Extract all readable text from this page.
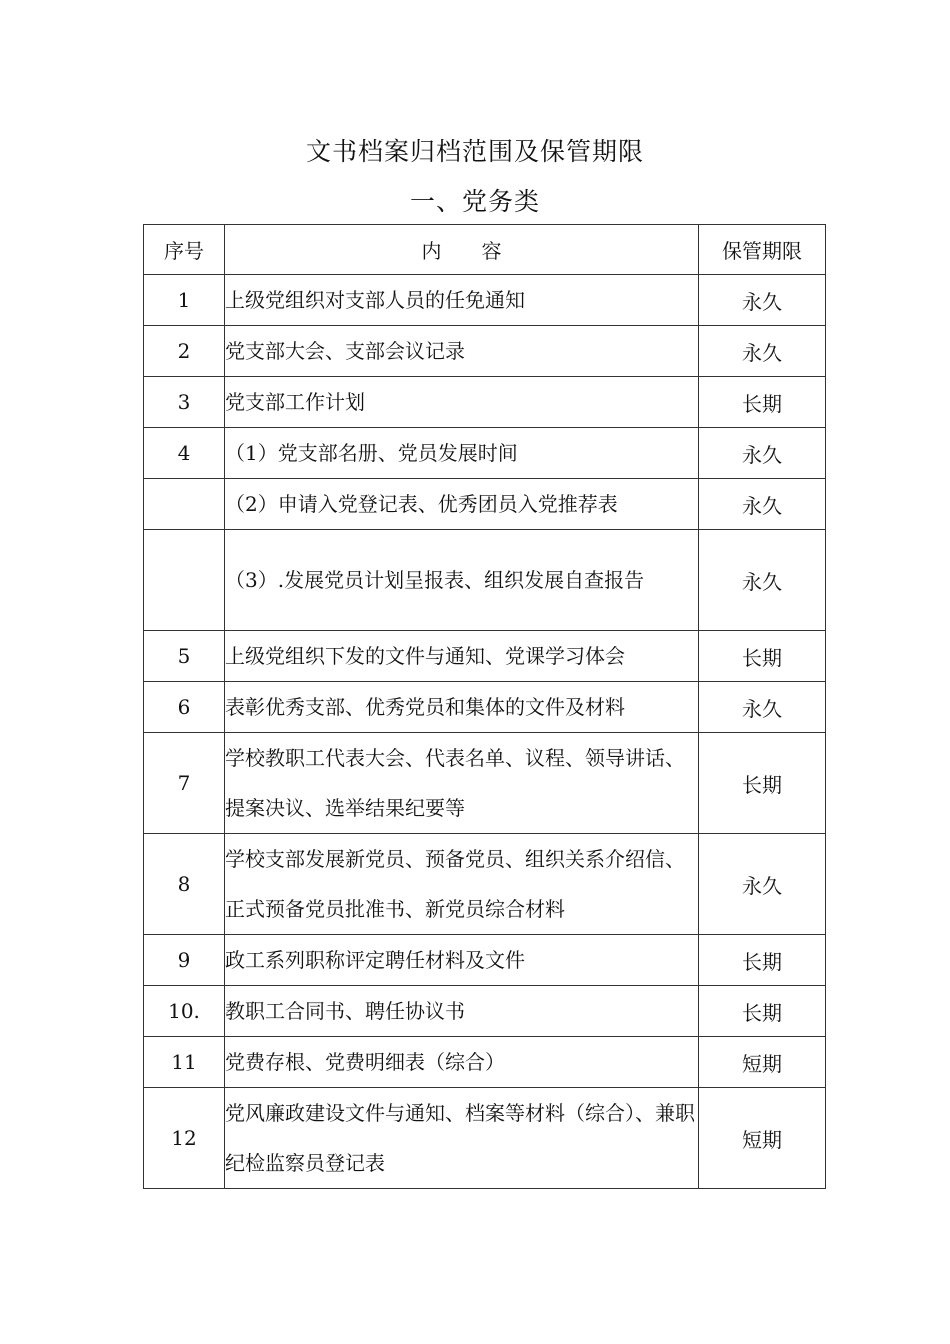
文书档案归档范围及保管期限
一、党务类
序号	内　　容	保管期限
1	上级党组织对支部人员的任免通知	永久
2	党支部大会、支部会议记录	永久
3	党支部工作计划	长期
4	（1）党支部名册、党员发展时间	永久
	（2）申请入党登记表、优秀团员入党推荐表	永久
	（3）.发展党员计划呈报表、组织发展自查报告	永久
5	上级党组织下发的文件与通知、党课学习体会	长期
6	表彰优秀支部、优秀党员和集体的文件及材料	永久
7	学校教职工代表大会、代表名单、议程、领导讲话、提案决议、选举结果纪要等	长期
8	学校支部发展新党员、预备党员、组织关系介绍信、正式预备党员批准书、新党员综合材料	永久
9	政工系列职称评定聘任材料及文件	长期
10.	教职工合同书、聘任协议书	长期
11	党费存根、党费明细表（综合）	短期
12	党风廉政建设文件与通知、档案等材料（综合）、兼职纪检监察员登记表	短期
